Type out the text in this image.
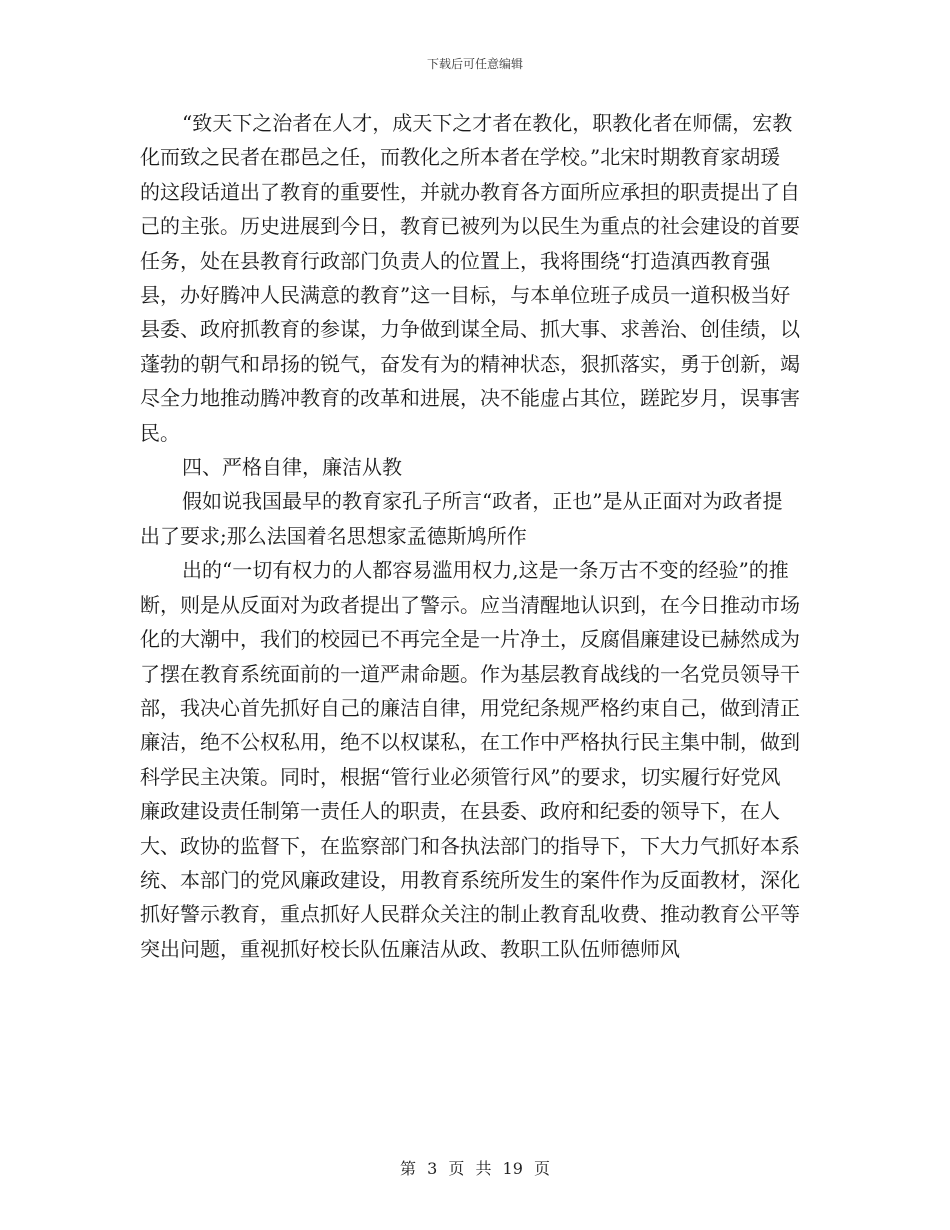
下载后可任意编辑

“致天下之治者在人才，成天下之才者在教化，职教化者在师儒，宏教化而致之民者在郡邑之任，而教化之所本者在学校。”北宋时期教育家胡瑗的这段话道出了教育的重要性，并就办教育各方面所应承担的职责提出了自己的主张。历史进展到今日，教育已被列为以民生为重点的社会建设的首要任务，处在县教育行政部门负责人的位置上，我将围绕“打造滇西教育强县，办好腾冲人民满意的教育”这一目标，与本单位班子成员一道积极当好县委、政府抓教育的参谋，力争做到谋全局、抓大事、求善治、创佳绩，以蓬勃的朝气和昂扬的锐气，奋发有为的精神状态，狠抓落实，勇于创新，竭尽全力地推动腾冲教育的改革和进展，决不能虚占其位，蹉跎岁月，误事害民。

四、严格自律，廉洁从教

假如说我国最早的教育家孔子所言“政者，正也”是从正面对为政者提出了要求;那么法国着名思想家孟德斯鸠所作

出的“一切有权力的人都容易滥用权力,这是一条万古不变的经验”的推断，则是从反面对为政者提出了警示。应当清醒地认识到，在今日推动市场化的大潮中，我们的校园已不再完全是一片净土，反腐倡廉建设已赫然成为了摆在教育系统面前的一道严肃命题。作为基层教育战线的一名党员领导干部，我决心首先抓好自己的廉洁自律，用党纪条规严格约束自己，做到清正廉洁，绝不公权私用，绝不以权谋私，在工作中严格执行民主集中制，做到科学民主决策。同时，根据“管行业必须管行风”的要求，切实履行好党风廉政建设责任制第一责任人的职责，在县委、政府和纪委的领导下，在人大、政协的监督下，在监察部门和各执法部门的指导下，下大力气抓好本系统、本部门的党风廉政建设，用教育系统所发生的案件作为反面教材，深化抓好警示教育，重点抓好人民群众关注的制止教育乱收费、推动教育公平等突出问题，重视抓好校长队伍廉洁从政、教职工队伍师德师风

第 3 页 共 19 页
